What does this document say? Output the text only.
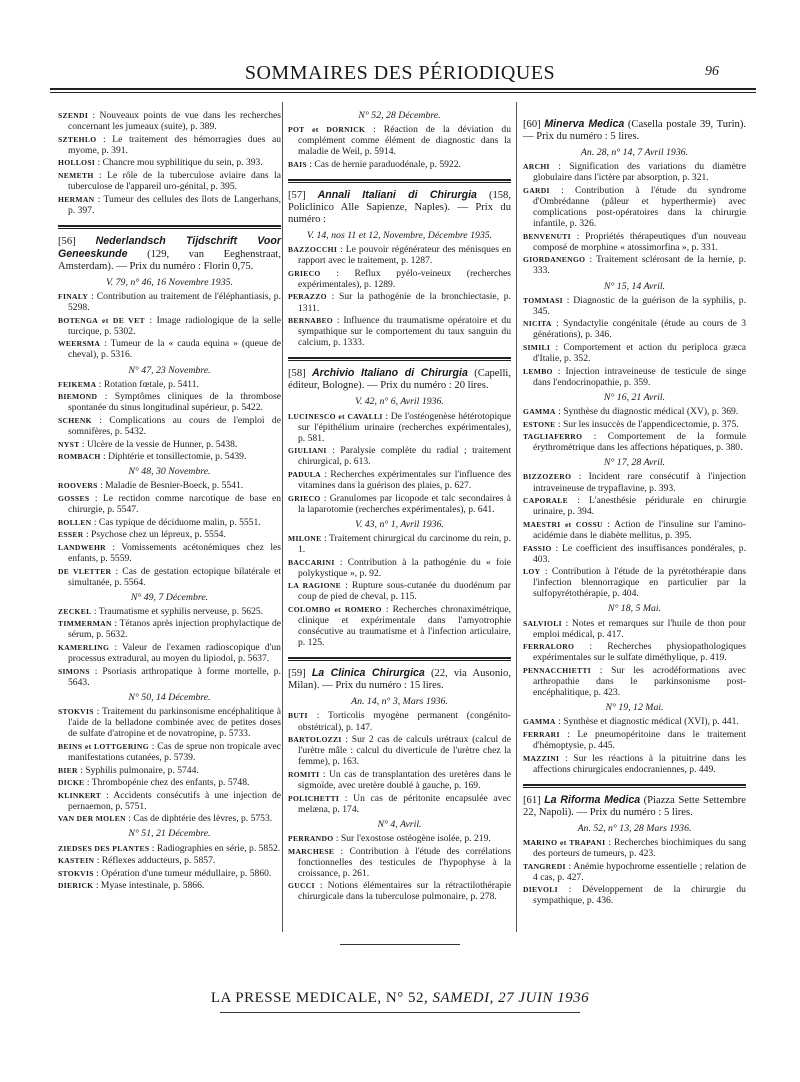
SOMMAIRES DES PÉRIODIQUES	96
SZENDI : Nouveaux points de vue dans les recherches concernant les jumeaux (suite), p. 389.
SZTEHLO : Le traitement des hémorragies dues au myome, p. 391.
HOLLOSI : Chancre mou syphilitique du sein, p. 393.
NEMETH : Le rôle de la tuberculose aviaire dans la tuberculose de l'appareil uro-génital, p. 395.
HERMAN : Tumeur des cellules des îlots de Langerhans, p. 397.
[56] Nederlandsch Tijdschrift Voor Geneeskunde (129, van Eeghenstraat, Amsterdam). — Prix du numéro : Florin 0,75.
V. 79, n° 46, 16 Novembre 1935.
FINALY : Contribution au traitement de l'éléphantiasis, p. 5298.
BOTENGA et DE VET : Image radiologique de la selle turcique, p. 5302.
WEERSMA : Tumeur de la « cauda equina » (queue de cheval), p. 5316.
N° 47, 23 Novembre.
FEIKEMA : Rotation fœtale, p. 5411.
BIEMOND : Symptômes cliniques de la thrombose spontanée du sinus longitudinal supérieur, p. 5422.
SCHENK : Complications au cours de l'emploi de somnifères, p. 5432.
NYST : Ulcère de la vessie de Hunner, p. 5438.
ROMBACH : Diphtérie et tonsillectomie, p. 5439.
N° 48, 30 Novembre.
ROOVERS : Maladie de Besnier-Boeck, p. 5541.
GOSSES : Le rectidon comme narcotique de base en chirurgie, p. 5547.
BOLLEN : Cas typique de déciduome malin, p. 5551.
ESSER : Psychose chez un lépreux, p. 5554.
LANDWEHR : Vomissements acétonémiques chez les enfants, p. 5559.
DE VLETTER : Cas de gestation ectopique bilatérale et simultanée, p. 5564.
N° 49, 7 Décembre.
ZECKEL : Traumatisme et syphilis nerveuse, p. 5625.
TIMMERMAN : Tétanos après injection prophylactique de sérum, p. 5632.
KAMERLING : Valeur de l'examen radioscopique d'un processus extradural, au moyen du lipiodol, p. 5637.
SIMONS : Psoriasis arthropatique à forme mortelle, p. 5643.
N° 50, 14 Décembre.
STOKVIS : Traitement du parkinsonisme encéphalitique à l'aide de la belladone combinée avec de petites doses de sulfate d'atropine et de novatropine, p. 5733.
BEINS et LOTTGERING : Cas de sprue non tropicale avec manifestations cutanées, p. 5739.
BIER : Syphilis pulmonaire, p. 5744.
DICKE : Thrombopénie chez des enfants, p. 5748.
KLINKERT : Accidents consécutifs à une injection de pernaemon, p. 5751.
VAN DER MOLEN : Cas de diphtérie des lèvres, p. 5753.
N° 51, 21 Décembre.
ZIEDSES DES PLANTES : Radiographies en série, p. 5852.
KASTEIN : Réflexes adducteurs, p. 5857.
STOKVIS : Opération d'une tumeur médullaire, p. 5860.
DIERICK : Myase intestinale, p. 5866.
N° 52, 28 Décembre.
POT et DORNICK : Réaction de la déviation du complément comme élément de diagnostic dans la maladie de Weil, p. 5914.
BAIS : Cas de hernie paraduodénale, p. 5922.
[57] Annali Italiani di Chirurgia (158, Policlinico Alle Sapienze, Naples). — Prix du numéro :
V. 14, nos 11 et 12, Novembre, Décembre 1935.
BAZZOCCHI : Le pouvoir régénérateur des ménisques en rapport avec le traitement, p. 1287.
GRIECO : Reflux pyélo-veineux (recherches expérimentales), p. 1289.
PERAZZO : Sur la pathogénie de la bronchiectasie, p. 1311.
BERNABEO : Influence du traumatisme opératoire et du sympathique sur le comportement du taux sanguin du calcium, p. 1333.
[58] Archivio Italiano di Chirurgia (Capelli, éditeur, Bologne). — Prix du numéro : 20 lires.
V. 42, n° 6, Avril 1936.
LUCINESCO et CAVALLI : De l'ostéogenèse hétérotopique sur l'épithélium urinaire (recherches expérimentales), p. 581.
GIULIANI : Paralysie complète du radial ; traitement chirurgical, p. 613.
PADULA : Recherches expérimentales sur l'influence des vitamines dans la guérison des plaies, p. 627.
GRIECO : Granulomes par licopode et talc secondaires à la laparotomie (recherches expérimentales), p. 641.
V. 43, n° 1, Avril 1936.
MILONE : Traitement chirurgical du carcinome du rein, p. 1.
BACCARINI : Contribution à la pathogénie du « foie polykystique », p. 92.
LA RAGIONE : Rupture sous-cutanée du duodénum par coup de pied de cheval, p. 115.
COLOMBO et ROMERO : Recherches chronaximétrique, clinique et expérimentale dans l'amyotrophie consécutive au traumatisme et à l'infection articulaire, p. 125.
[59] La Clinica Chirurgica (22, via Ausonio, Milan). — Prix du numéro : 15 lires.
An. 14, n° 3, Mars 1936.
BUTI : Torticolis myogène permanent (congénito-obstétrical), p. 147.
BARTOLOZZI : Sur 2 cas de calculs urétraux (calcul de l'urètre mâle : calcul du diverticule de l'urètre chez la femme), p. 163.
ROMITI : Un cas de transplantation des uretères dans le sigmoïde, avec uretère doublé à gauche, p. 169.
POLICHETTI : Un cas de péritonite encapsulée avec melæna, p. 174.
N° 4, Avril.
PERRANDO : Sur l'exostose ostéogène isolée, p. 219.
MARCHESE : Contribution à l'étude des corrélations fonctionnelles des testicules de l'hypophyse à la croissance, p. 261.
GUCCI : Notions élémentaires sur la rétractilothérapie chirurgicale dans la tuberculose pulmonaire, p. 278.
[60] Minerva Medica (Casella postale 39, Turin). — Prix du numéro : 5 lires.
An. 28, n° 14, 7 Avril 1936.
ARCHI : Signification des variations du diamètre globulaire dans l'ictère par absorption, p. 321.
GARDI : Contribution à l'étude du syndrome d'Ombrédanne (pâleur et hyperthermie) avec complications post-opératoires dans la chirurgie infantile, p. 326.
BENVENUTI : Propriétés thérapeutiques d'un nouveau composé de morphine « atossimorfina », p. 331.
GIORDANENGO : Traitement sclérosant de la hernie, p. 333.
N° 15, 14 Avril.
TOMMASI : Diagnostic de la guérison de la syphilis, p. 345.
NICITA : Syndactylie congénitale (étude au cours de 3 générations), p. 346.
SIMILI : Comportement et action du periploca græca d'Italie, p. 352.
LEMBO : Injection intraveineuse de testicule de singe dans l'endocrinopathie, p. 359.
N° 16, 21 Avril.
GAMMA : Synthèse du diagnostic médical (XV), p. 369.
ESTONE : Sur les insuccès de l'appendicectomie, p. 375.
TAGLIAFERRO : Comportement de la formule érythrométrique dans les affections hépatiques, p. 380.
N° 17, 28 Avril.
BIZZOZERO : Incident rare consécutif à l'injection intraveineuse de trypaflavine, p. 393.
CAPORALE : L'anesthésie péridurale en chirurgie urinaire, p. 394.
MAESTRI et COSSU : Action de l'insuline sur l'amino-acidémie dans le diabète mellitus, p. 395.
FASSIO : Le coefficient des insuffisances pondérales, p. 403.
LOY : Contribution à l'étude de la pyrétothérapie dans l'infection blennorragique en particulier par la sulfopyrétothérapie, p. 404.
N° 18, 5 Mai.
SALVIOLI : Notes et remarques sur l'huile de thon pour emploi médical, p. 417.
FERRALORO : Recherches physiopathologiques expérimentales sur le sulfate diméthylique, p. 419.
PENNACCHIETTI : Sur les acrodéformations avec arthropathie dans le parkinsonisme post-encéphalitique, p. 423.
N° 19, 12 Mai.
GAMMA : Synthèse et diagnostic médical (XVI), p. 441.
FERRARI : Le pneumopéritoine dans le traitement d'hémoptysie, p. 445.
MAZZINI : Sur les réactions à la pituitrine dans les affections chirurgicales endocraniennes, p. 449.
[61] La Riforma Medica (Piazza Sette Settembre 22, Napoli). — Prix du numéro : 5 lires.
An. 52, n° 13, 28 Mars 1936.
MARINO et TRAPANI : Recherches biochimiques du sang des porteurs de tumeurs, p. 423.
TANGREDI : Anémie hypochrome essentielle ; relation de 4 cas, p. 427.
DIEVOLI : Développement de la chirurgie du sympathique, p. 436.
LA PRESSE MEDICALE, N° 52, SAMEDI, 27 JUIN 1936
